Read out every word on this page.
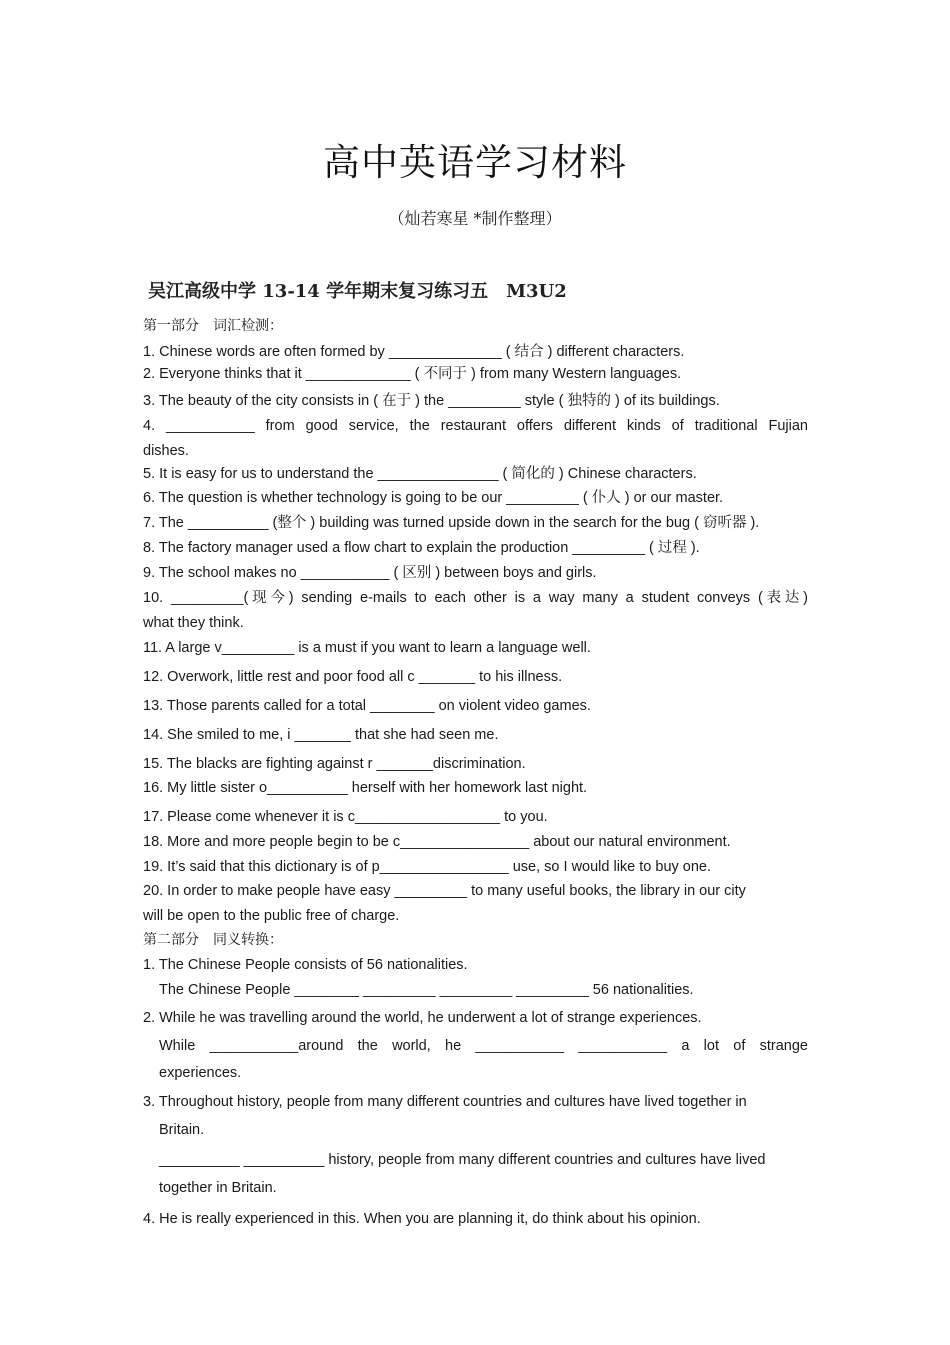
高中英语学习材料
（灿若寒星 *制作整理）
吴江高级中学 13-14 学年期末复习练习五　M3U2
第一部分　词汇检测：
1. Chinese words are often formed by ______________ ( 结合 ) different characters.
2. Everyone thinks that it _____________ ( 不同于 ) from many Western languages.
3. The beauty of the city consists in ( 在于 ) the _________ style ( 独特的 ) of its buildings.
4. ___________ from good service, the restaurant offers different kinds of traditional Fujian
dishes.
5. It is easy for us to understand the _______________ ( 简化的 ) Chinese characters.
6. The question is whether technology is going to be our _________ ( 仆人 ) or our master.
7. The __________ (整个 ) building was turned upside down in the search for the bug ( 窃听器 ).
8. The factory manager used a flow chart to explain the production _________ ( 过程 ).
9. The school makes no ___________ ( 区别 ) between boys and girls.
10. _________(现今) sending e-mails to each other is a way many a student conveys (表达)
what they think.
11. A large v_________ is a must if you want to learn a language well.
12. Overwork, little rest and poor food all c _______ to his illness.
13. Those parents called for a total ________ on violent video games.
14. She smiled to me, i _______ that she had seen me.
15. The blacks are fighting against r _______discrimination.
16. My little sister o__________ herself with her homework last night.
17. Please come whenever it is c__________________ to you.
18. More and more people begin to be c________________ about our natural environment.
19. It’s said that this dictionary is of p________________ use, so I would like to buy one.
20. In order to make people have easy _________ to many useful books, the library in our city
will be open to the public free of charge.
第二部分　同义转换：
1. The Chinese People consists of 56 nationalities.
The Chinese People ________ _________ _________ _________ 56 nationalities.
2. While he was travelling around the world, he underwent a lot of strange experiences.
While ___________around the world, he ___________ ___________ a lot of strange
experiences.
3. Throughout history, people from many different countries and cultures have lived together in
Britain.
__________ __________ history, people from many different countries and cultures have lived
together in Britain.
4. He is really experienced in this. When you are planning it, do think about his opinion.
